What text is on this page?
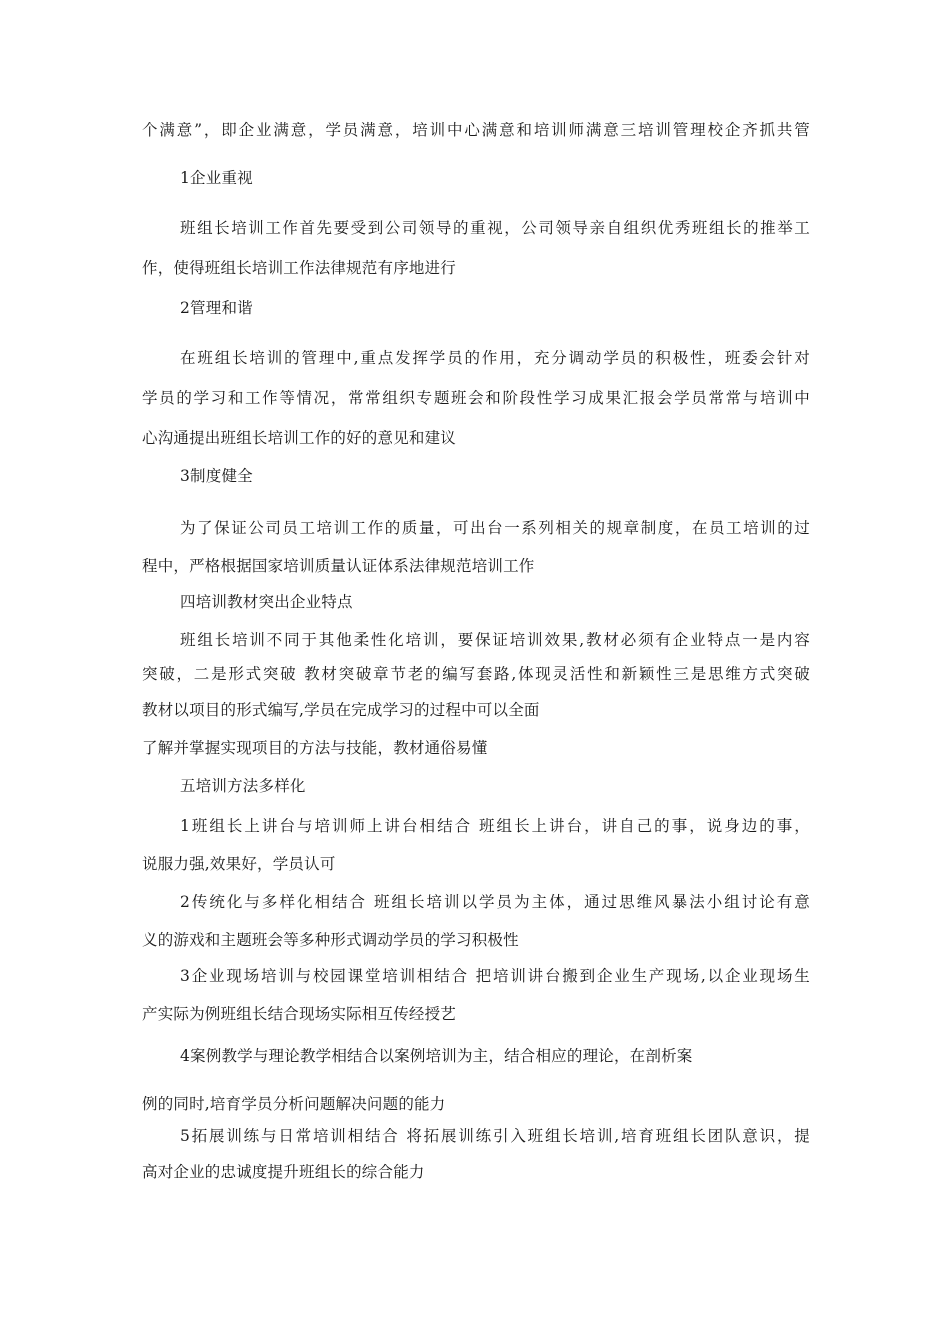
个满意”，即企业满意，学员满意，培训中心满意和培训师满意三培训管理校企齐抓共管
1企业重视
班组长培训工作首先要受到公司领导的重视，公司领导亲自组织优秀班组长的推举工
作，使得班组长培训工作法律规范有序地进行
2管理和谐
在班组长培训的管理中,重点发挥学员的作用，充分调动学员的积极性，班委会针对
学员的学习和工作等情况，常常组织专题班会和阶段性学习成果汇报会学员常常与培训中
心沟通提出班组长培训工作的好的意见和建议
3制度健全
为了保证公司员工培训工作的质量，可出台一系列相关的规章制度，在员工培训的过
程中，严格根据国家培训质量认证体系法律规范培训工作
四培训教材突出企业特点
班组长培训不同于其他柔性化培训，要保证培训效果,教材必须有企业特点一是内容
突破，二是形式突破 教材突破章节老的编写套路,体现灵活性和新颖性三是思维方式突破
教材以项目的形式编写,学员在完成学习的过程中可以全面
了解并掌握实现项目的方法与技能，教材通俗易懂
五培训方法多样化
1班组长上讲台与培训师上讲台相结合 班组长上讲台，讲自己的事，说身边的事，
说服力强,效果好，学员认可
2传统化与多样化相结合 班组长培训以学员为主体，通过思维风暴法小组讨论有意
义的游戏和主题班会等多种形式调动学员的学习积极性
3企业现场培训与校园课堂培训相结合 把培训讲台搬到企业生产现场,以企业现场生
产实际为例班组长结合现场实际相互传经授艺
4案例教学与理论教学相结合以案例培训为主，结合相应的理论，在剖析案
例的同时,培育学员分析问题解决问题的能力
5拓展训练与日常培训相结合 将拓展训练引入班组长培训,培育班组长团队意识，提
高对企业的忠诚度提升班组长的综合能力
